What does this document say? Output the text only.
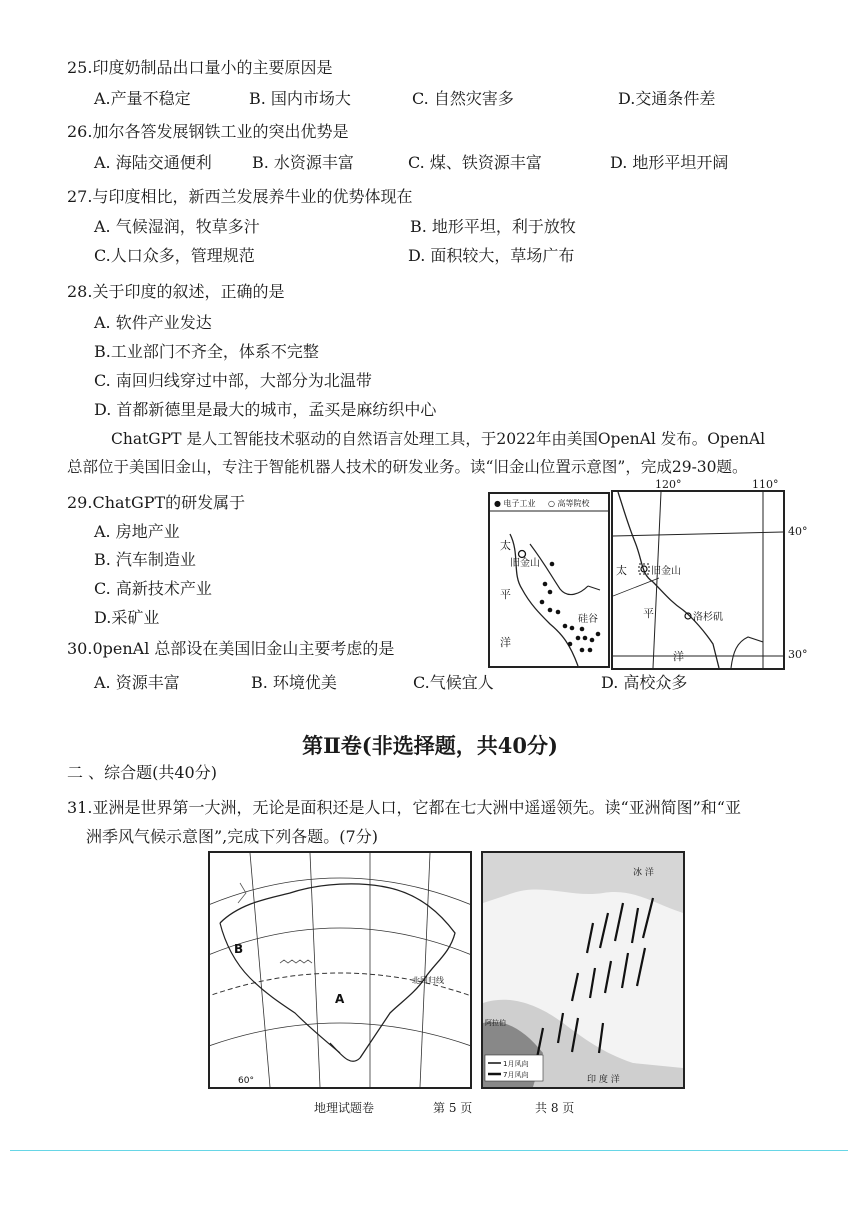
25.印度奶制品出口量小的主要原因是
A.产量不稳定	B. 国内市场大	C. 自然灾害多	D.交通条件差
26.加尔各答发展钢铁工业的突出优势是
A. 海陆交通便利	B. 水资源丰富	C. 煤、铁资源丰富	D. 地形平坦开阔
27.与印度相比，新西兰发展养牛业的优势体现在
A. 气候湿润，牧草多汁	B. 地形平坦，利于放牧
C.人口众多，管理规范	D. 面积较大，草场广布
28.关于印度的叙述，正确的是
A. 软件产业发达
B.工业部门不齐全，体系不完整
C. 南回归线穿过中部，大部分为北温带
D. 首都新德里是最大的城市，孟买是麻纺织中心
ChatGPT 是人工智能技术驱动的自然语言处理工具，于2022年由美国OpenAl 发布。OpenAl
总部位于美国旧金山，专注于智能机器人技术的研发业务。读“旧金山位置示意图”，完成29-30题。
29.ChatGPT的研发属于
A. 房地产业
B. 汽车制造业
C. 高新技术产业
D.采矿业
● 电子工业 ○ 高等院校
太
平
洋
旧金山
硅谷
太
平
洋
旧金山
洛杉矶
120°	110°
40°
30°
30.0penAl 总部设在美国旧金山主要考虑的是
A. 资源丰富	B. 环境优美	C.气候宜人	D. 高校众多
第Ⅱ卷(非选择题，共40分)
二 、综合题(共40分)
31.亚洲是世界第一大洲，无论是面积还是人口，它都在七大洲中遥遥领先。读“亚洲简图”和“亚
洲季风气候示意图”,完成下列各题。(7分)
B
A
北回归线
60°
冰 洋
印 度 洋
阿拉伯
1月风向
7月风向
地理试题卷	第 5 页	共 8 页
